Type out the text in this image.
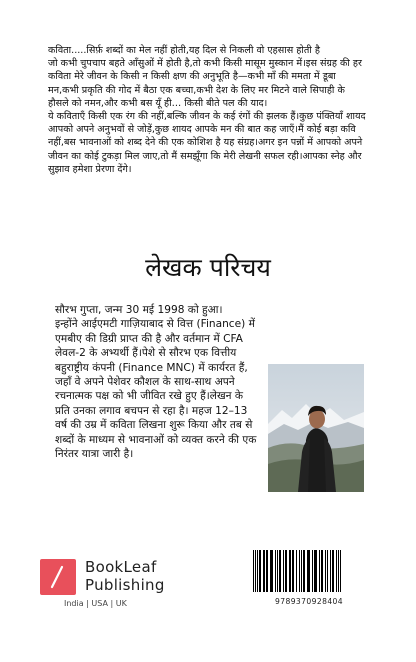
कविता.....सिर्फ़ शब्दों का मेल नहीं होती,यह दिल से निकली वो एहसास होती है
जो कभी चुपचाप बहते आँसुओं में होती है,तो कभी किसी मासूम मुस्कान में।इस संग्रह की हर कविता मेरे जीवन के किसी न किसी क्षण की अनुभूति है—कभी माँ की ममता में डूबा मन,कभी प्रकृति की गोद में बैठा एक बच्चा,कभी देश के लिए मर मिटने वाले सिपाही के हौसले को नमन,और कभी बस यूँ ही… किसी बीते पल की याद।
ये कविताएँ किसी एक रंग की नहीं,बल्कि जीवन के कई रंगों की झलक हैं।कुछ पंक्तियाँ शायद आपको अपने अनुभवों से जोड़ें,कुछ शायद आपके मन की बात कह जाएँ।मैं कोई बड़ा कवि नहीं,बस भावनाओं को शब्द देने की एक कोशिश है यह संग्रह।अगर इन पन्नों में आपको अपने जीवन का कोई टुकड़ा मिल जाए,तो मैं समझूँगा कि मेरी लेखनी सफल रही।आपका स्नेह और सुझाव हमेशा प्रेरणा देंगे।
लेखक परिचय
सौरभ गुप्ता, जन्म 30 मई 1998 को हुआ।
इन्होंने आईएमटी गाज़ियाबाद से वित्त (Finance) में एमबीए की डिग्री प्राप्त की है और वर्तमान में CFA लेवल-2 के अभ्यर्थी हैं।पेशे से सौरभ एक वित्तीय बहुराष्ट्रीय कंपनी (Finance MNC) में कार्यरत हैं, जहाँ वे अपने पेशेवर कौशल के साथ-साथ अपने रचनात्मक पक्ष को भी जीवित रखे हुए हैं।लेखन के प्रति उनका लगाव बचपन से रहा है। महज 12–13 वर्ष की उम्र में कविता लिखना शुरू किया और तब से शब्दों के माध्यम से भावनाओं को व्यक्त करने की एक निरंतर यात्रा जारी है।
BookLeaf
Publishing
India | USA | UK	9789370928404
